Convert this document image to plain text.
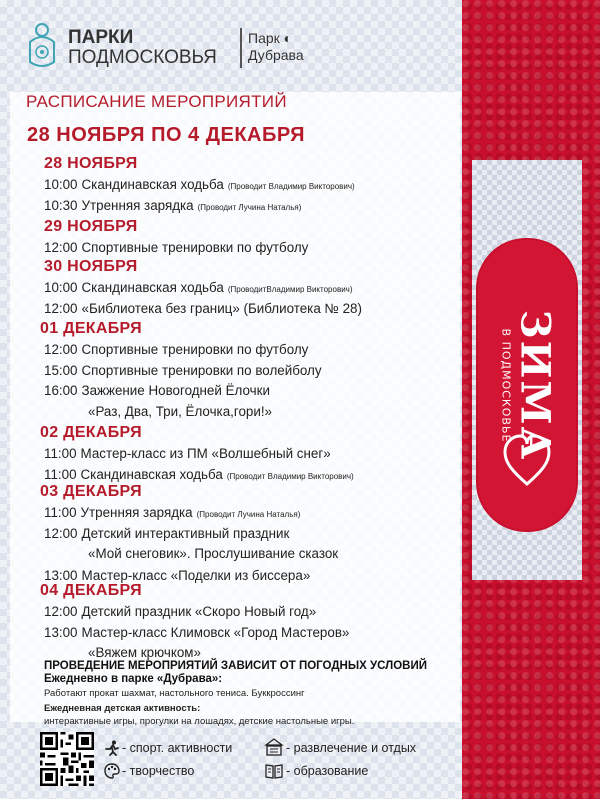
ЗИМА
В ПОДМОСКОВЬЕ
ПАРКИ
ПОДМОСКОВЬЯ
Парк ◐
Дубрава
РАСПИСАНИЕ МЕРОПРИЯТИЙ
28 НОЯБРЯ ПО 4 ДЕКАБРЯ
28 НОЯБРЯ
10:00 Скандинавская ходьба (Проводит Владимир Викторович)
10:30 Утренняя зарядка (Проводит Лучина Наталья)
29 НОЯБРЯ
12:00 Спортивные тренировки по футболу
30 НОЯБРЯ
10:00 Скандинавская ходьба (ПроводитВладимир Викторович)
12:00 «Библиотека без границ» (Библиотека № 28)
01 ДЕКАБРЯ
12:00 Спортивные тренировки по футболу
15:00 Спортивные тренировки по волейболу
16:00 Зажжение Новогодней Ёлочки
«Раз, Два, Три, Ёлочка,гори!»
02 ДЕКАБРЯ
11:00 Мастер-класс из ПМ «Волшебный снег»
11:00 Скандинавская ходьба (Проводит Владимир Викторович)
03 ДЕКАБРЯ
11:00 Утренняя зарядка (Проводит Лучина Наталья)
12:00 Детский интерактивный праздник
«Мой снеговик». Прослушивание сказок
13:00 Мастер-класс «Поделки из биссера»
04 ДЕКАБРЯ
12:00 Детский праздник «Скоро Новый год»
13:00 Мастер-класс Климовск «Город Мастеров»
«Вяжем крючком»
ПРОВЕДЕНИЕ МЕРОПРИЯТИЙ ЗАВИСИТ ОТ ПОГОДНЫХ УСЛОВИЙ
Ежедневно в парке «Дубрава»:
Работают прокат шахмат, настольного тениса. Буккроссинг
Ежедневная детская активность:
интерактивные игры, прогулки на лошадях, детские настольные игры.
- спорт. активности
- творчество
- развлечение и отдых
- образование
